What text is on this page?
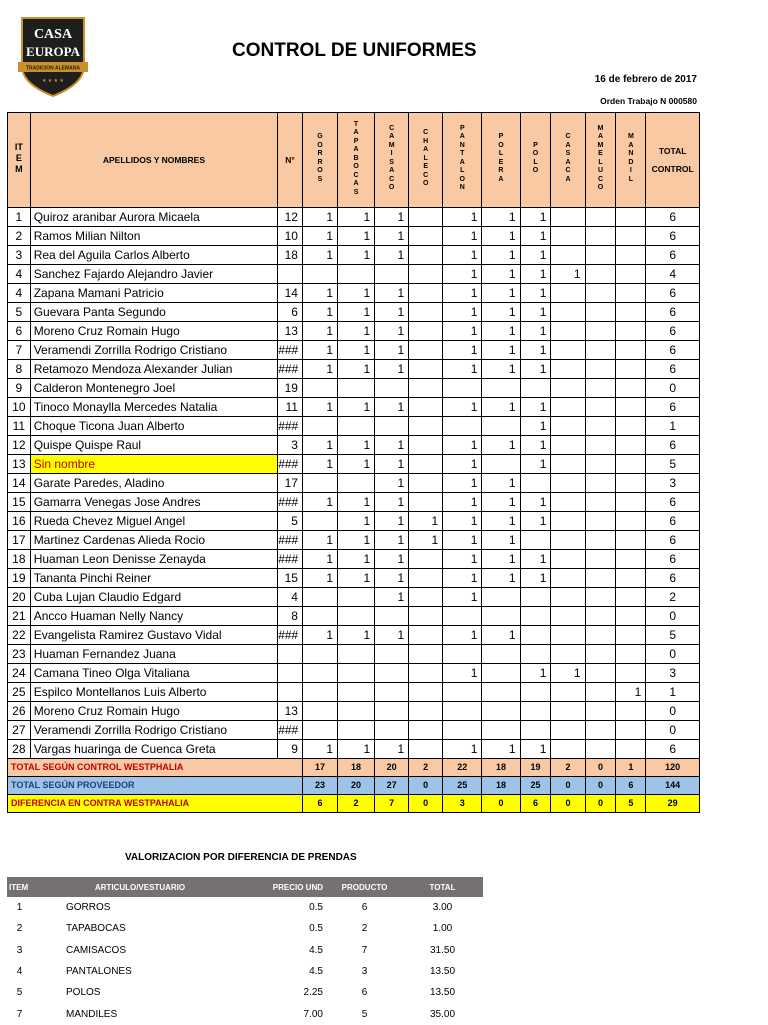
CASA
EUROPA
TRADICION ALEMANA
★ ★ ★ ★
CONTROL DE UNIFORMES
16 de febrero de 2017
Orden Trabajo N 000580
ITEM	APELLIDOS Y NOMBRES	N°	GORROS	TAPABOCAS	CAMISACO	CHALECO	PANTALON	POLERA	POLO	CASACA	MAMELUCO	MANDIL	TOTAL CONTROL
1	Quiroz aranibar Aurora Micaela	12	1	1	1		1	1	1				6
2	Ramos Milian Nilton	10	1	1	1		1	1	1				6
3	Rea del Aguila Carlos Alberto	18	1	1	1		1	1	1				6
4	Sanchez Fajardo Alejandro Javier						1	1	1	1			4
4	Zapana Mamani Patricio	14	1	1	1		1	1	1				6
5	Guevara Panta Segundo	6	1	1	1		1	1	1				6
6	Moreno Cruz Romain Hugo	13	1	1	1		1	1	1				6
7	Veramendi Zorrilla Rodrigo Cristiano	###	1	1	1		1	1	1				6
8	Retamozo Mendoza Alexander Julian	###	1	1	1		1	1	1				6
9	Calderon Montenegro Joel	19											0
10	Tinoco Monaylla Mercedes Natalia	11	1	1	1		1	1	1				6
11	Choque Ticona Juan Alberto	###							1				1
12	Quispe Quispe Raul	3	1	1	1		1	1	1				6
13	Sin nombre	###	1	1	1		1		1				5
14	Garate Paredes, Aladino	17			1		1	1					3
15	Gamarra Venegas Jose Andres	###	1	1	1		1	1	1				6
16	Rueda Chevez Miguel Angel	5		1	1	1	1	1	1				6
17	Martinez Cardenas Alieda Rocio	###	1	1	1	1	1	1					6
18	Huaman Leon Denisse Zenayda	###	1	1	1		1	1	1				6
19	Tananta Pinchi Reiner	15	1	1	1		1	1	1				6
20	Cuba Lujan Claudio Edgard	4			1		1						2
21	Ancco Huaman Nelly Nancy	8											0
22	Evangelista Ramirez Gustavo Vidal	###	1	1	1		1	1					5
23	Huaman Fernandez Juana												0
24	Camana Tineo Olga Vitaliana						1		1	1			3
25	Espilco Montellanos Luis Alberto											1	1
26	Moreno Cruz Romain Hugo	13											0
27	Veramendi Zorrilla Rodrigo Cristiano	###											0
28	Vargas huaringa de Cuenca Greta	9	1	1	1		1	1	1				6
TOTAL SEGÚN CONTROL WESTPHALIA			17	18	20	2	22	18	19	2	0	1	120
TOTAL SEGÚN PROVEEDOR			23	20	27	0	25	18	25	0	0	6	144
DIFERENCIA EN CONTRA WESTPAHALIA			6	2	7	0	3	0	6	0	0	5	29
VALORIZACION POR DIFERENCIA DE PRENDAS
ITEM	ARTICULO/VESTUARIO	PRECIO UND	PRODUCTO	TOTAL
1	GORROS	0.5	6	3.00
2	TAPABOCAS	0.5	2	1.00
3	CAMISACOS	4.5	7	31.50
4	PANTALONES	4.5	3	13.50
5	POLOS	2.25	6	13.50
7	MANDILES	7.00	5	35.00
